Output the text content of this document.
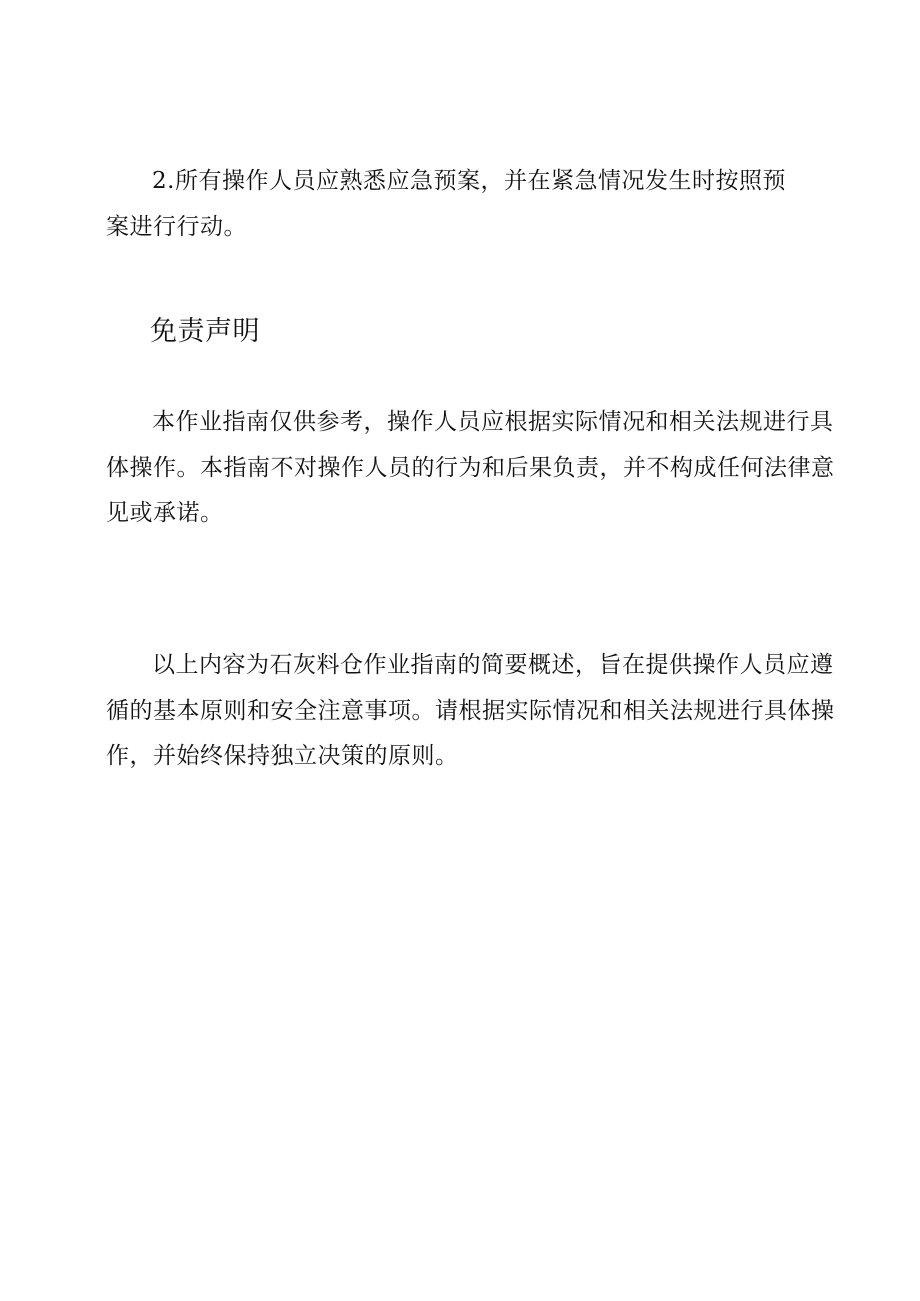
2.所有操作人员应熟悉应急预案，并在紧急情况发生时按照预
案进行行动。

免责声明

本作业指南仅供参考，操作人员应根据实际情况和相关法规进行具
体操作。本指南不对操作人员的行为和后果负责，并不构成任何法律意
见或承诺。

以上内容为石灰料仓作业指南的简要概述，旨在提供操作人员应遵
循的基本原则和安全注意事项。请根据实际情况和相关法规进行具体操
作，并始终保持独立决策的原则。
